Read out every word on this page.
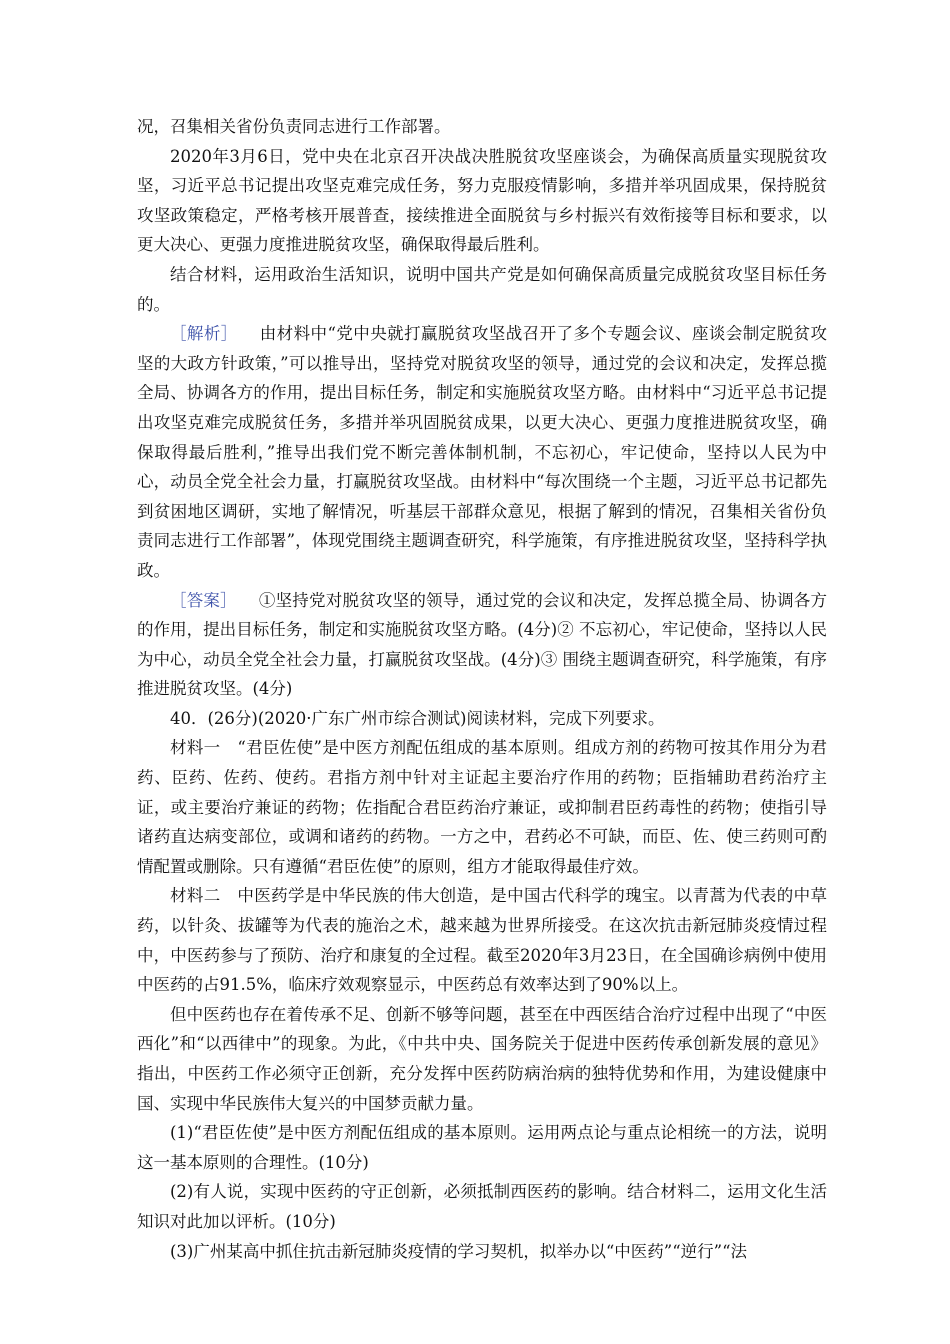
况，召集相关省份负责同志进行工作部署。

2020年3月6日，党中央在北京召开决战决胜脱贫攻坚座谈会，为确保高质量实现脱贫攻坚，习近平总书记提出攻坚克难完成任务，努力克服疫情影响，多措并举巩固成果，保持脱贫攻坚政策稳定，严格考核开展普查，接续推进全面脱贫与乡村振兴有效衔接等目标和要求，以更大决心、更强力度推进脱贫攻坚，确保取得最后胜利。

结合材料，运用政治生活知识，说明中国共产党是如何确保高质量完成脱贫攻坚目标任务的。

［解析］ 由材料中“党中央就打赢脱贫攻坚战召开了多个专题会议、座谈会制定脱贫攻坚的大政方针政策，”可以推导出，坚持党对脱贫攻坚的领导，通过党的会议和决定，发挥总揽全局、协调各方的作用，提出目标任务，制定和实施脱贫攻坚方略。由材料中“习近平总书记提出攻坚克难完成脱贫任务，多措并举巩固脱贫成果，以更大决心、更强力度推进脱贫攻坚，确保取得最后胜利，”推导出我们党不断完善体制机制，不忘初心，牢记使命，坚持以人民为中心，动员全党全社会力量，打赢脱贫攻坚战。由材料中“每次围绕一个主题，习近平总书记都先到贫困地区调研，实地了解情况，听基层干部群众意见，根据了解到的情况，召集相关省份负责同志进行工作部署”，体现党围绕主题调查研究，科学施策，有序推进脱贫攻坚，坚持科学执政。

［答案］ ①坚持党对脱贫攻坚的领导，通过党的会议和决定，发挥总揽全局、协调各方的作用，提出目标任务，制定和实施脱贫攻坚方略。(4分)② 不忘初心，牢记使命，坚持以人民为中心，动员全党全社会力量，打赢脱贫攻坚战。(4分)③ 围绕主题调查研究，科学施策，有序推进脱贫攻坚。(4分)

40．(26分)(2020·广东广州市综合测试)阅读材料，完成下列要求。

材料一　“君臣佐使”是中医方剂配伍组成的基本原则。组成方剂的药物可按其作用分为君药、臣药、佐药、使药。君指方剂中针对主证起主要治疗作用的药物；臣指辅助君药治疗主证，或主要治疗兼证的药物；佐指配合君臣药治疗兼证，或抑制君臣药毒性的药物；使指引导诸药直达病变部位，或调和诸药的药物。一方之中，君药必不可缺，而臣、佐、使三药则可酌情配置或删除。只有遵循“君臣佐使”的原则，组方才能取得最佳疗效。

材料二　中医药学是中华民族的伟大创造，是中国古代科学的瑰宝。以青蒿为代表的中草药，以针灸、拔罐等为代表的施治之术，越来越为世界所接受。在这次抗击新冠肺炎疫情过程中，中医药参与了预防、治疗和康复的全过程。截至2020年3月23日，在全国确诊病例中使用中医药的占91.5%，临床疗效观察显示，中医药总有效率达到了90%以上。

但中医药也存在着传承不足、创新不够等问题，甚至在中西医结合治疗过程中出现了“中医西化”和“以西律中”的现象。为此，《中共中央、国务院关于促进中医药传承创新发展的意见》指出，中医药工作必须守正创新，充分发挥中医药防病治病的独特优势和作用，为建设健康中国、实现中华民族伟大复兴的中国梦贡献力量。

(1)“君臣佐使”是中医方剂配伍组成的基本原则。运用两点论与重点论相统一的方法，说明这一基本原则的合理性。(10分)

(2)有人说，实现中医药的守正创新，必须抵制西医药的影响。结合材料二，运用文化生活知识对此加以评析。(10分)

(3)广州某高中抓住抗击新冠肺炎疫情的学习契机，拟举办以“中医药”“逆行”“法
